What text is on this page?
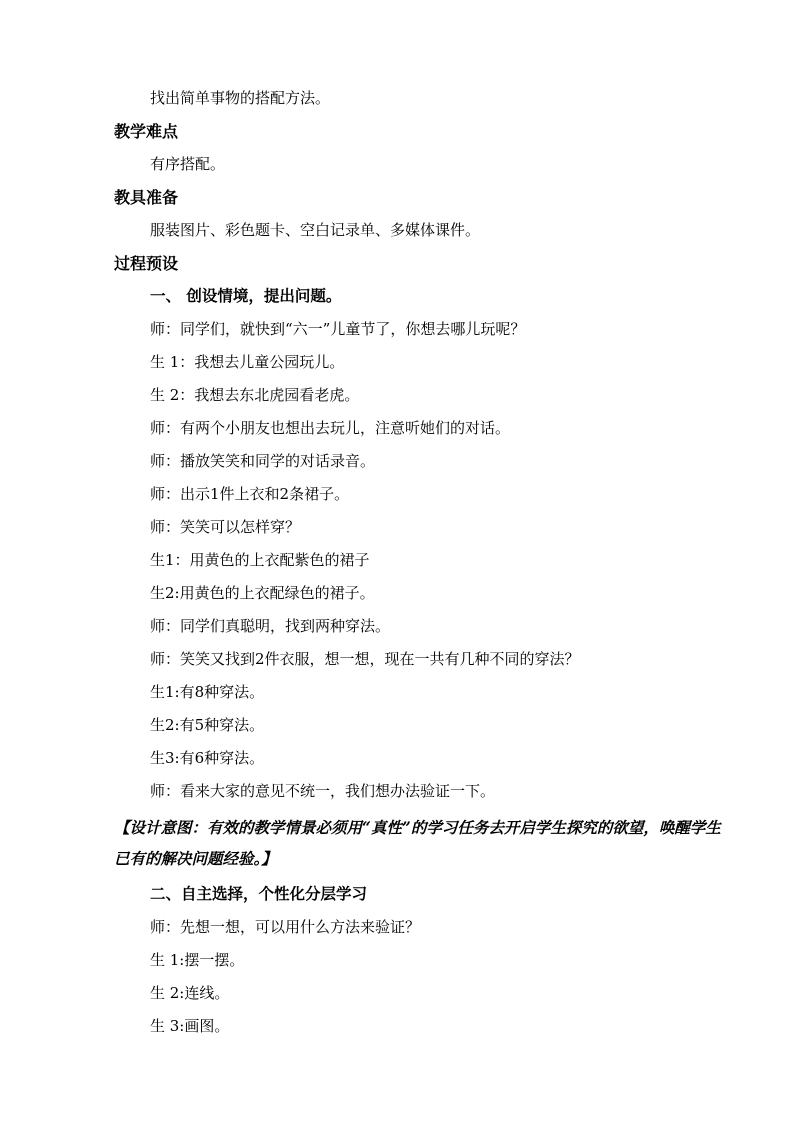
找出简单事物的搭配方法。
教学难点
有序搭配。
教具准备
服装图片、彩色题卡、空白记录单、多媒体课件。
过程预设
一、 创设情境，提出问题。
师：同学们，就快到“六一”儿童节了，你想去哪儿玩呢？
生 1：我想去儿童公园玩儿。
生 2：我想去东北虎园看老虎。
师：有两个小朋友也想出去玩儿，注意听她们的对话。
师：播放笑笑和同学的对话录音。
师：出示1件上衣和2条裙子。
师：笑笑可以怎样穿？
生1：用黄色的上衣配紫色的裙子
生2:用黄色的上衣配绿色的裙子。
师：同学们真聪明，找到两种穿法。
师：笑笑又找到2件衣服，想一想，现在一共有几种不同的穿法？
生1:有8种穿法。
生2:有5种穿法。
生3:有6种穿法。
师：看来大家的意见不统一，我们想办法验证一下。
【设计意图：有效的教学情景必须用“真性”的学习任务去开启学生探究的欲望，唤醒学生已有的解决问题经验。】
二、自主选择，个性化分层学习
师：先想一想，可以用什么方法来验证？
生 1:摆一摆。
生 2:连线。
生 3:画图。
